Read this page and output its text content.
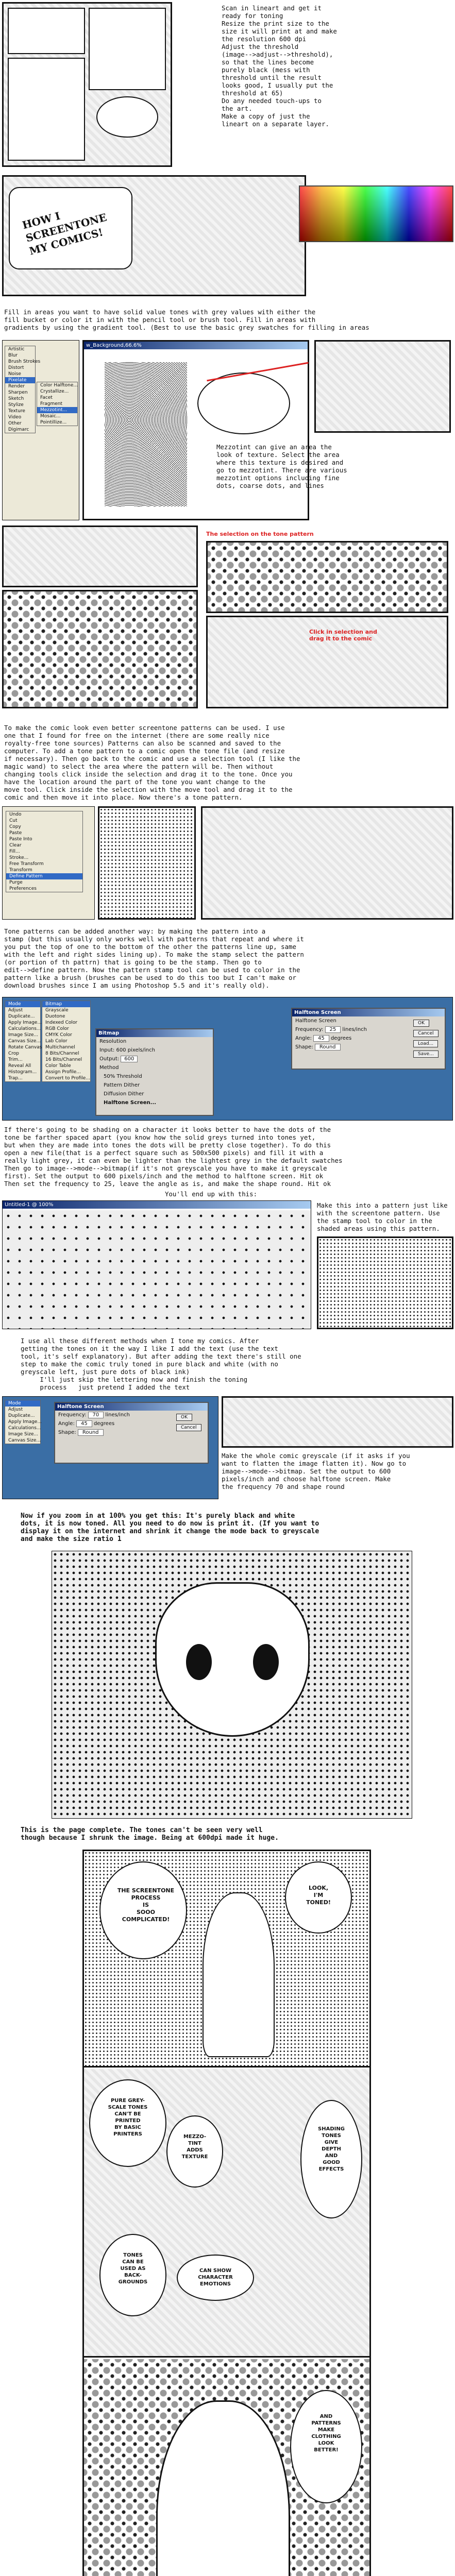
Scan in lineart and get it
ready for toning
Resize the print size to the
size it will print at and make
the resolution 600 dpi
Adjust the threshold
(image-->adjust-->threshold),
so that the lines become
purely black (mess with
threshold until the result
looks good, I usually put the
threshold at 65)
Do any needed touch-ups to
the art.
Make a copy of just the
lineart on a separate layer.
HOW I
SCREENTONE
MY COMICS!
Fill in areas you want to have solid value tones with grey values with either the
fill bucket or color it in with the pencil tool or brush tool. Fill in areas with
gradients by using the gradient tool. (Best to use the basic grey swatches for filling in areas
Artistic
Blur
Brush Strokes
Distort
Noise
Pixelate
Render
Sharpen
Sketch
Stylize
Texture
Video
Other
Digimarc
Color Halftone...
Crystallize...
Facet
Fragment
Mezzotint...
Mosaic...
Pointillize...
w_Background,66.6%
Mezzotint can give an area the
look of texture. Select the area
where this texture is desired and
go to mezzotint. There are various
mezzotint options including fine
dots, coarse dots, and lines
The selection on the tone pattern
Click in selection and
drag it to the comic
To make the comic look even better screentone patterns can be used. I use
one that I found for free on the internet (there are some really nice
royalty-free tone sources) Patterns can also be scanned and saved to the
computer. To add a tone pattern to a comic open the tone file (and resize
if necessary). Then go back to the comic and use a selection tool (I like the
magic wand) to select the area where the pattern will be. Then without
changing tools click inside the selection and drag it to the tone. Once you
have the location around the part of the tone you want change to the
move tool. Click inside the selection with the move tool and drag it to the
comic and then move it into place. Now there's a tone pattern.
Undo
Cut
Copy
Paste
Paste Into
Clear
Fill...
Stroke...
Free Transform
Transform
Define Pattern
Purge
Preferences
Tone patterns can be added another way: by making the pattern into a
stamp (but this usually only works well with patterns that repeat and where it
you put the top of one to the bottom of the other the patterns line up, same
with the left and right sides lining up). To make the stamp select the pattern
(or portion of th pattrn) that is going to be the stamp. Then go to
edit-->define pattern. Now the pattern stamp tool can be used to color in the
pattern like a brush (brushes can be used to do this too but I can't make or
download brushes since I am using Photoshop 5.5 and it's really old).
Mode
Adjust
Duplicate...
Apply Image...
Calculations...
Image Size...
Canvas Size...
Rotate Canvas
Crop
Trim...
Reveal All
Histogram...
Trap...
Bitmap
Grayscale
Duotone
Indexed Color
RGB Color
CMYK Color
Lab Color
Multichannel
8 Bits/Channel
16 Bits/Channel
Color Table
Assign Profile...
Convert to Profile...
Bitmap
Resolution
Input: 600 pixels/inch
Output: 600
Method
50% Threshold
Pattern Dither
Diffusion Dither
Halftone Screen...
Halftone Screen
Halftone Screen
Frequency: 25 lines/inch
Angle: 45 degrees
Shape: Round
OK Cancel Load... Save...
If there's going to be shading on a character it looks better to have the dots of the
tone be farther spaced apart (you know how the solid greys turned into tones yet,
but when they are made into tones the dots will be pretty close together). To do this
open a new file(that is a perfect square such as 500x500 pixels) and fill it with a
really light grey, it can even be lighter than the lightest grey in the default swatches
Then go to image-->mode-->bitmap(if it's not greyscale you have to make it greyscale
first). Set the output to 600 pixels/inch and the method to halftone screen. Hit ok
Then set the frequency to 25, leave the angle as is, and make the shape round. Hit ok
You'll end up with this:
Untitled-1 @ 100%	Make this into a pattern just like
with the screentone pattern. Use
the stamp tool to color in the
shaded areas using this pattern.
I use all these different methods when I tone my comics. After
getting the tones on it the way I like I add the text (use the text
tool, it's self explanatory). But after adding the text there's still one
step to make the comic truly toned in pure black and white (with no
greyscale left, just pure dots of black ink)
I'll just skip the lettering now and finish the toning
process   just pretend I added the text
Mode
Adjust
Duplicate...
Apply Image...
Calculations...
Image Size...
Canvas Size...
Halftone Screen
Frequency: 70 lines/inch
Angle: 45 degrees
Shape: Round
OK Cancel
Make the whole comic greyscale (if it asks if you
want to flatten the image flatten it). Now go to
image-->mode-->bitmap. Set the output to 600
pixels/inch and choose halftone screen. Make
the frequency 70 and shape round
Now if you zoom in at 100% you get this: It's purely black and white
dots, it is now toned. All you need to do now is print it. (If you want to
display it on the internet and shrink it change the mode back to greyscale
and make the size ratio 1
This is the page complete. The tones can't be seen very well
though because I shrunk the image. Being at 600dpi made it huge.
THE SCREENTONE
PROCESS
IS
SOOO
COMPLICATED!
LOOK,
I'M
TONED!
PURE GREY-
SCALE TONES
CAN'T BE
PRINTED
BY BASIC
PRINTERS	MEZZO-
TINT
ADDS
TEXTURE
SHADING
TONES
GIVE
DEPTH
AND
GOOD
EFFECTS
TONES
CAN BE
USED AS
BACK-
GROUNDS
CAN SHOW
CHARACTER
EMOTIONS
AND
PATTERNS
MAKE
CLOTHING
LOOK
BETTER!
